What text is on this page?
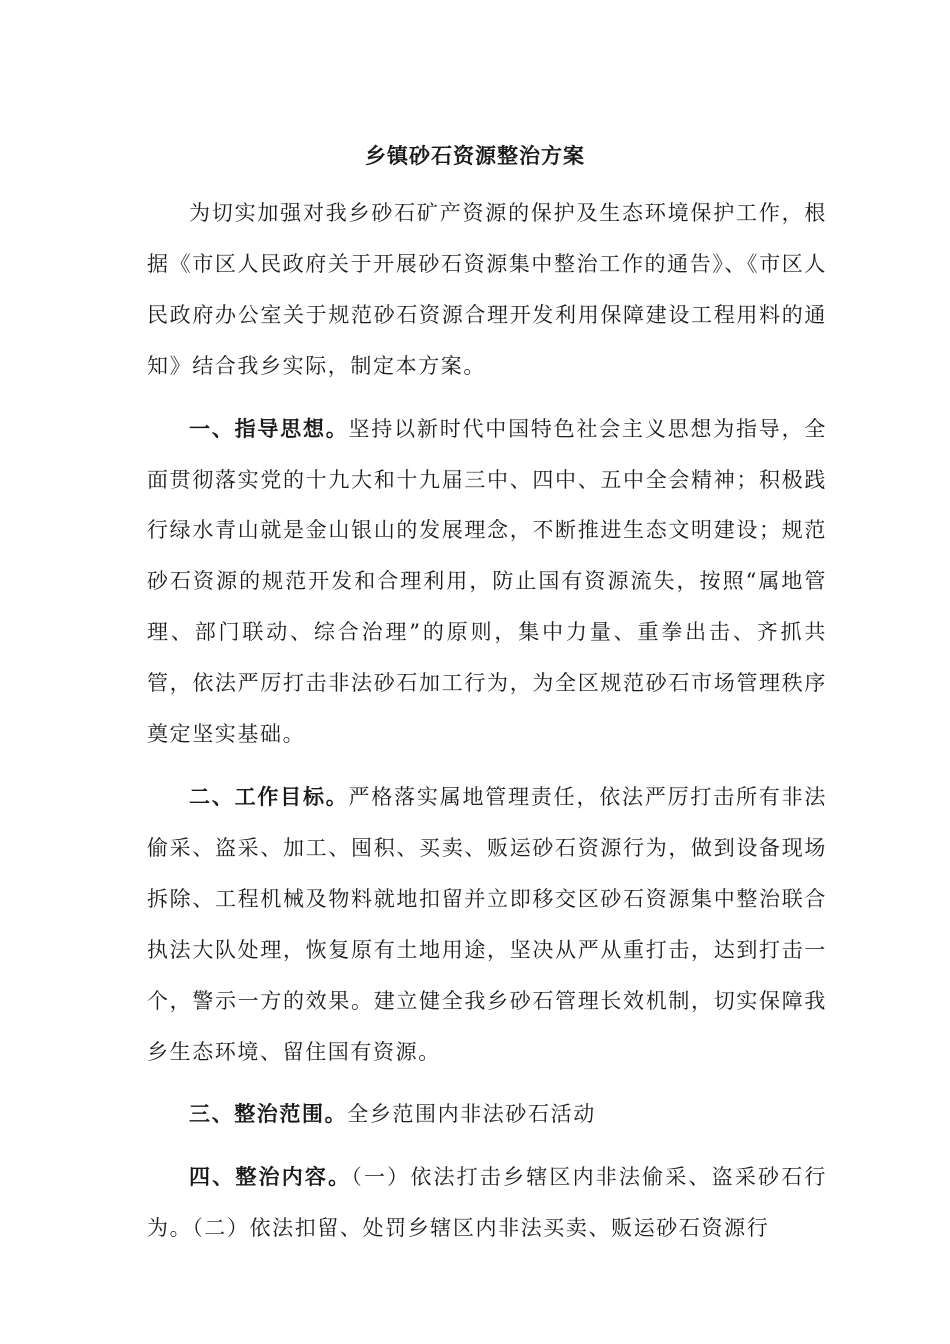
乡镇砂石资源整治方案

为切实加强对我乡砂石矿产资源的保护及生态环境保护工作，根据《市区人民政府关于开展砂石资源集中整治工作的通告》、《市区人民政府办公室关于规范砂石资源合理开发利用保障建设工程用料的通知》结合我乡实际，制定本方案。

一、指导思想。坚持以新时代中国特色社会主义思想为指导，全面贯彻落实党的十九大和十九届三中、四中、五中全会精神；积极践行绿水青山就是金山银山的发展理念，不断推进生态文明建设；规范砂石资源的规范开发和合理利用，防止国有资源流失，按照“属地管理、部门联动、综合治理”的原则，集中力量、重拳出击、齐抓共管，依法严厉打击非法砂石加工行为，为全区规范砂石市场管理秩序奠定坚实基础。

二、工作目标。严格落实属地管理责任，依法严厉打击所有非法偷采、盗采、加工、囤积、买卖、贩运砂石资源行为，做到设备现场拆除、工程机械及物料就地扣留并立即移交区砂石资源集中整治联合执法大队处理，恢复原有土地用途，坚决从严从重打击，达到打击一个，警示一方的效果。建立健全我乡砂石管理长效机制，切实保障我乡生态环境、留住国有资源。

三、整治范围。全乡范围内非法砂石活动

四、整治内容。（一）依法打击乡辖区内非法偷采、盗采砂石行为。（二）依法扣留、处罚乡辖区内非法买卖、贩运砂石资源行
